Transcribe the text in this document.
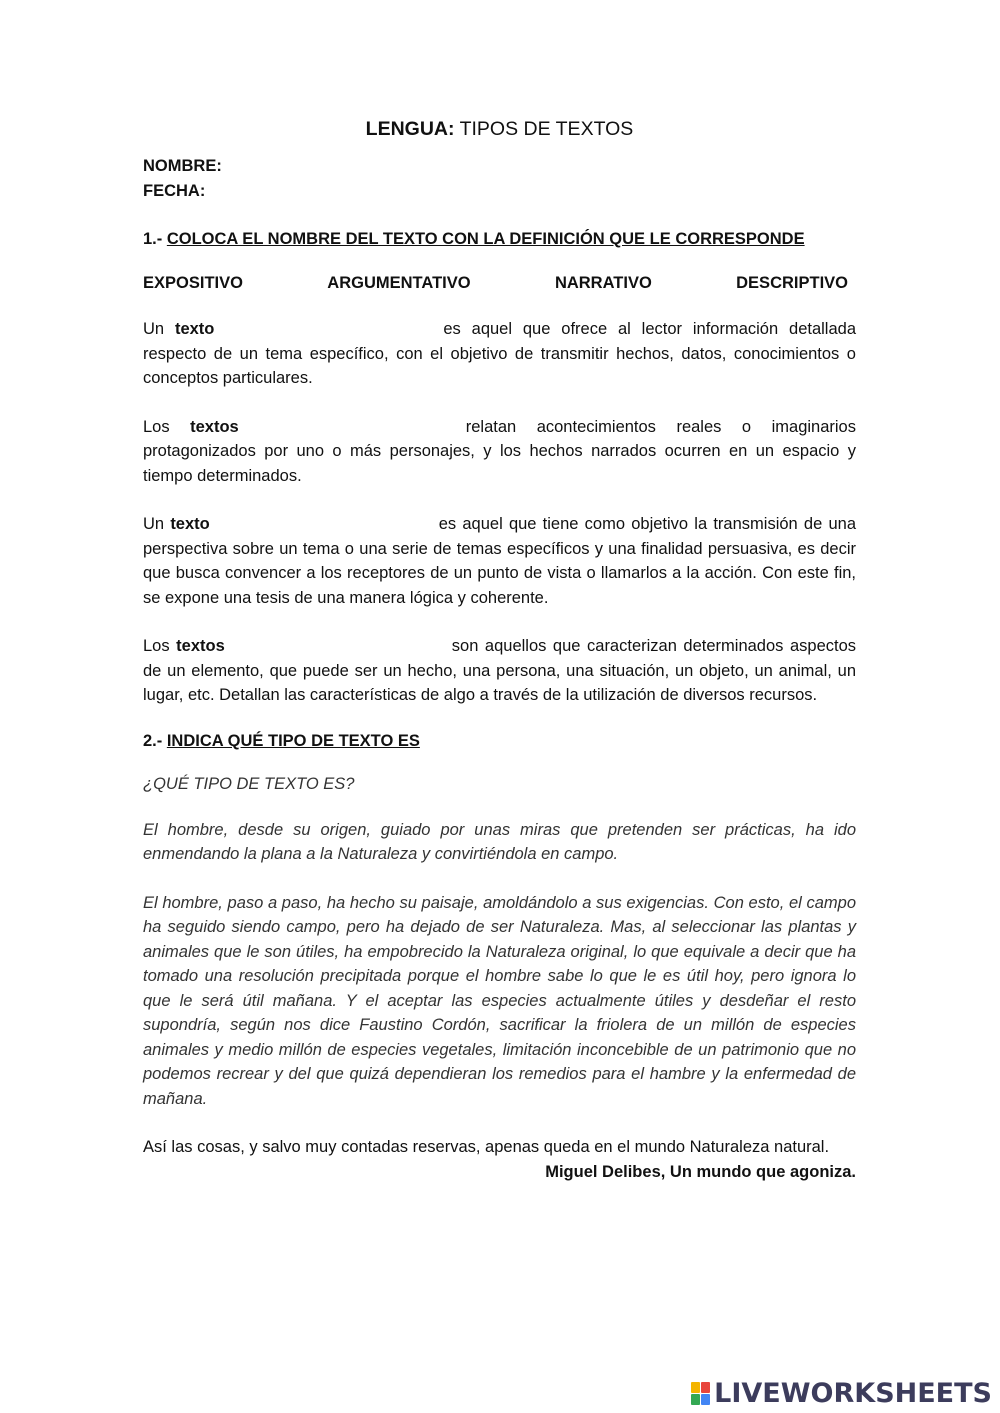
LENGUA: TIPOS DE TEXTOS
NOMBRE:
FECHA:
1.- COLOCA EL NOMBRE DEL TEXTO CON LA DEFINICIÓN QUE LE CORRESPONDE
EXPOSITIVO	ARGUMENTATIVO	NARRATIVO	DESCRIPTIVO
Un texto	es aquel que ofrece al lector información detallada respecto de un tema específico, con el objetivo de transmitir hechos, datos, conocimientos o conceptos particulares.
Los textos	relatan acontecimientos reales o imaginarios protagonizados por uno o más personajes, y los hechos narrados ocurren en un espacio y tiempo determinados.
Un texto	es aquel que tiene como objetivo la transmisión de una perspectiva sobre un tema o una serie de temas específicos y una finalidad persuasiva, es decir que busca convencer a los receptores de un punto de vista o llamarlos a la acción. Con este fin, se expone una tesis de una manera lógica y coherente.
Los textos	son aquellos que caracterizan determinados aspectos de un elemento, que puede ser un hecho, una persona, una situación, un objeto, un animal, un lugar, etc. Detallan las características de algo a través de la utilización de diversos recursos.
2.- INDICA QUÉ TIPO DE TEXTO ES
¿QUÉ TIPO DE TEXTO ES?
El hombre, desde su origen, guiado por unas miras que pretenden ser prácticas, ha ido enmendando la plana a la Naturaleza y convirtiéndola en campo.
El hombre, paso a paso, ha hecho su paisaje, amoldándolo a sus exigencias. Con esto, el campo ha seguido siendo campo, pero ha dejado de ser Naturaleza. Mas, al seleccionar las plantas y animales que le son útiles, ha empobrecido la Naturaleza original, lo que equivale a decir que ha tomado una resolución precipitada porque el hombre sabe lo que le es útil hoy, pero ignora lo que le será útil mañana. Y el aceptar las especies actualmente útiles y desdeñar el resto supondría, según nos dice Faustino Cordón, sacrificar la friolera de un millón de especies animales y medio millón de especies vegetales, limitación inconcebible de un patrimonio que no podemos recrear y del que quizá dependieran los remedios para el hambre y la enfermedad de mañana.
Así las cosas, y salvo muy contadas reservas, apenas queda en el mundo Naturaleza natural.
Miguel Delibes, Un mundo que agoniza.
LIVEWORKSHEETS
